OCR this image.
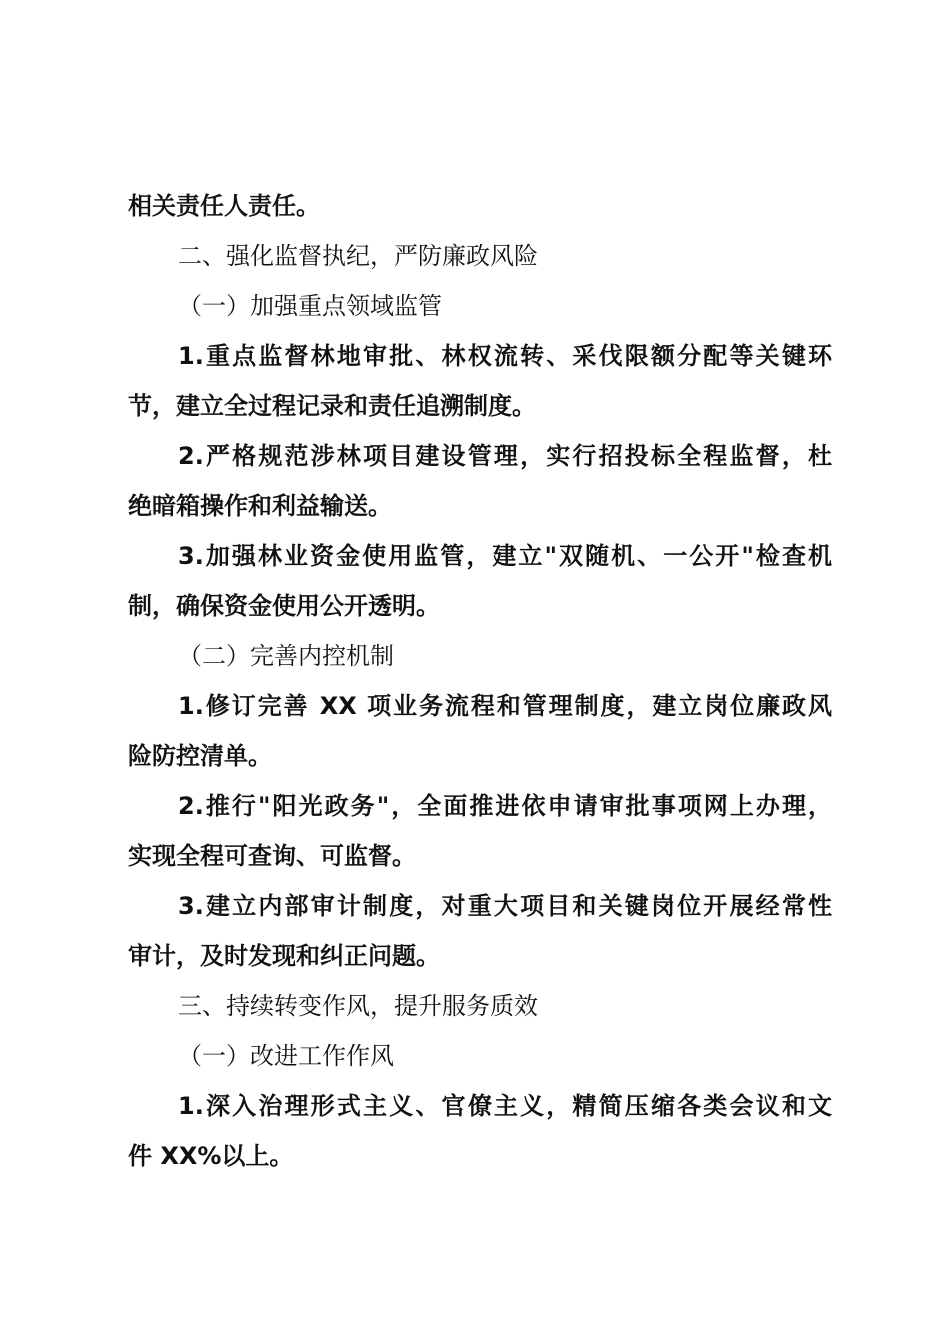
相关责任人责任。
二、强化监督执纪，严防廉政风险
（一）加强重点领域监管
1.重点监督林地审批、林权流转、采伐限额分配等关键环
节，建立全过程记录和责任追溯制度。
2.严格规范涉林项目建设管理，实行招投标全程监督，杜
绝暗箱操作和利益输送。
3.加强林业资金使用监管，建立"双随机、一公开"检查机
制，确保资金使用公开透明。
（二）完善内控机制
1.修订完善 XX 项业务流程和管理制度，建立岗位廉政风
险防控清单。
2.推行"阳光政务"，全面推进依申请审批事项网上办理，
实现全程可查询、可监督。
3.建立内部审计制度，对重大项目和关键岗位开展经常性
审计，及时发现和纠正问题。
三、持续转变作风，提升服务质效
（一）改进工作作风
1.深入治理形式主义、官僚主义，精简压缩各类会议和文
件 XX%以上。
